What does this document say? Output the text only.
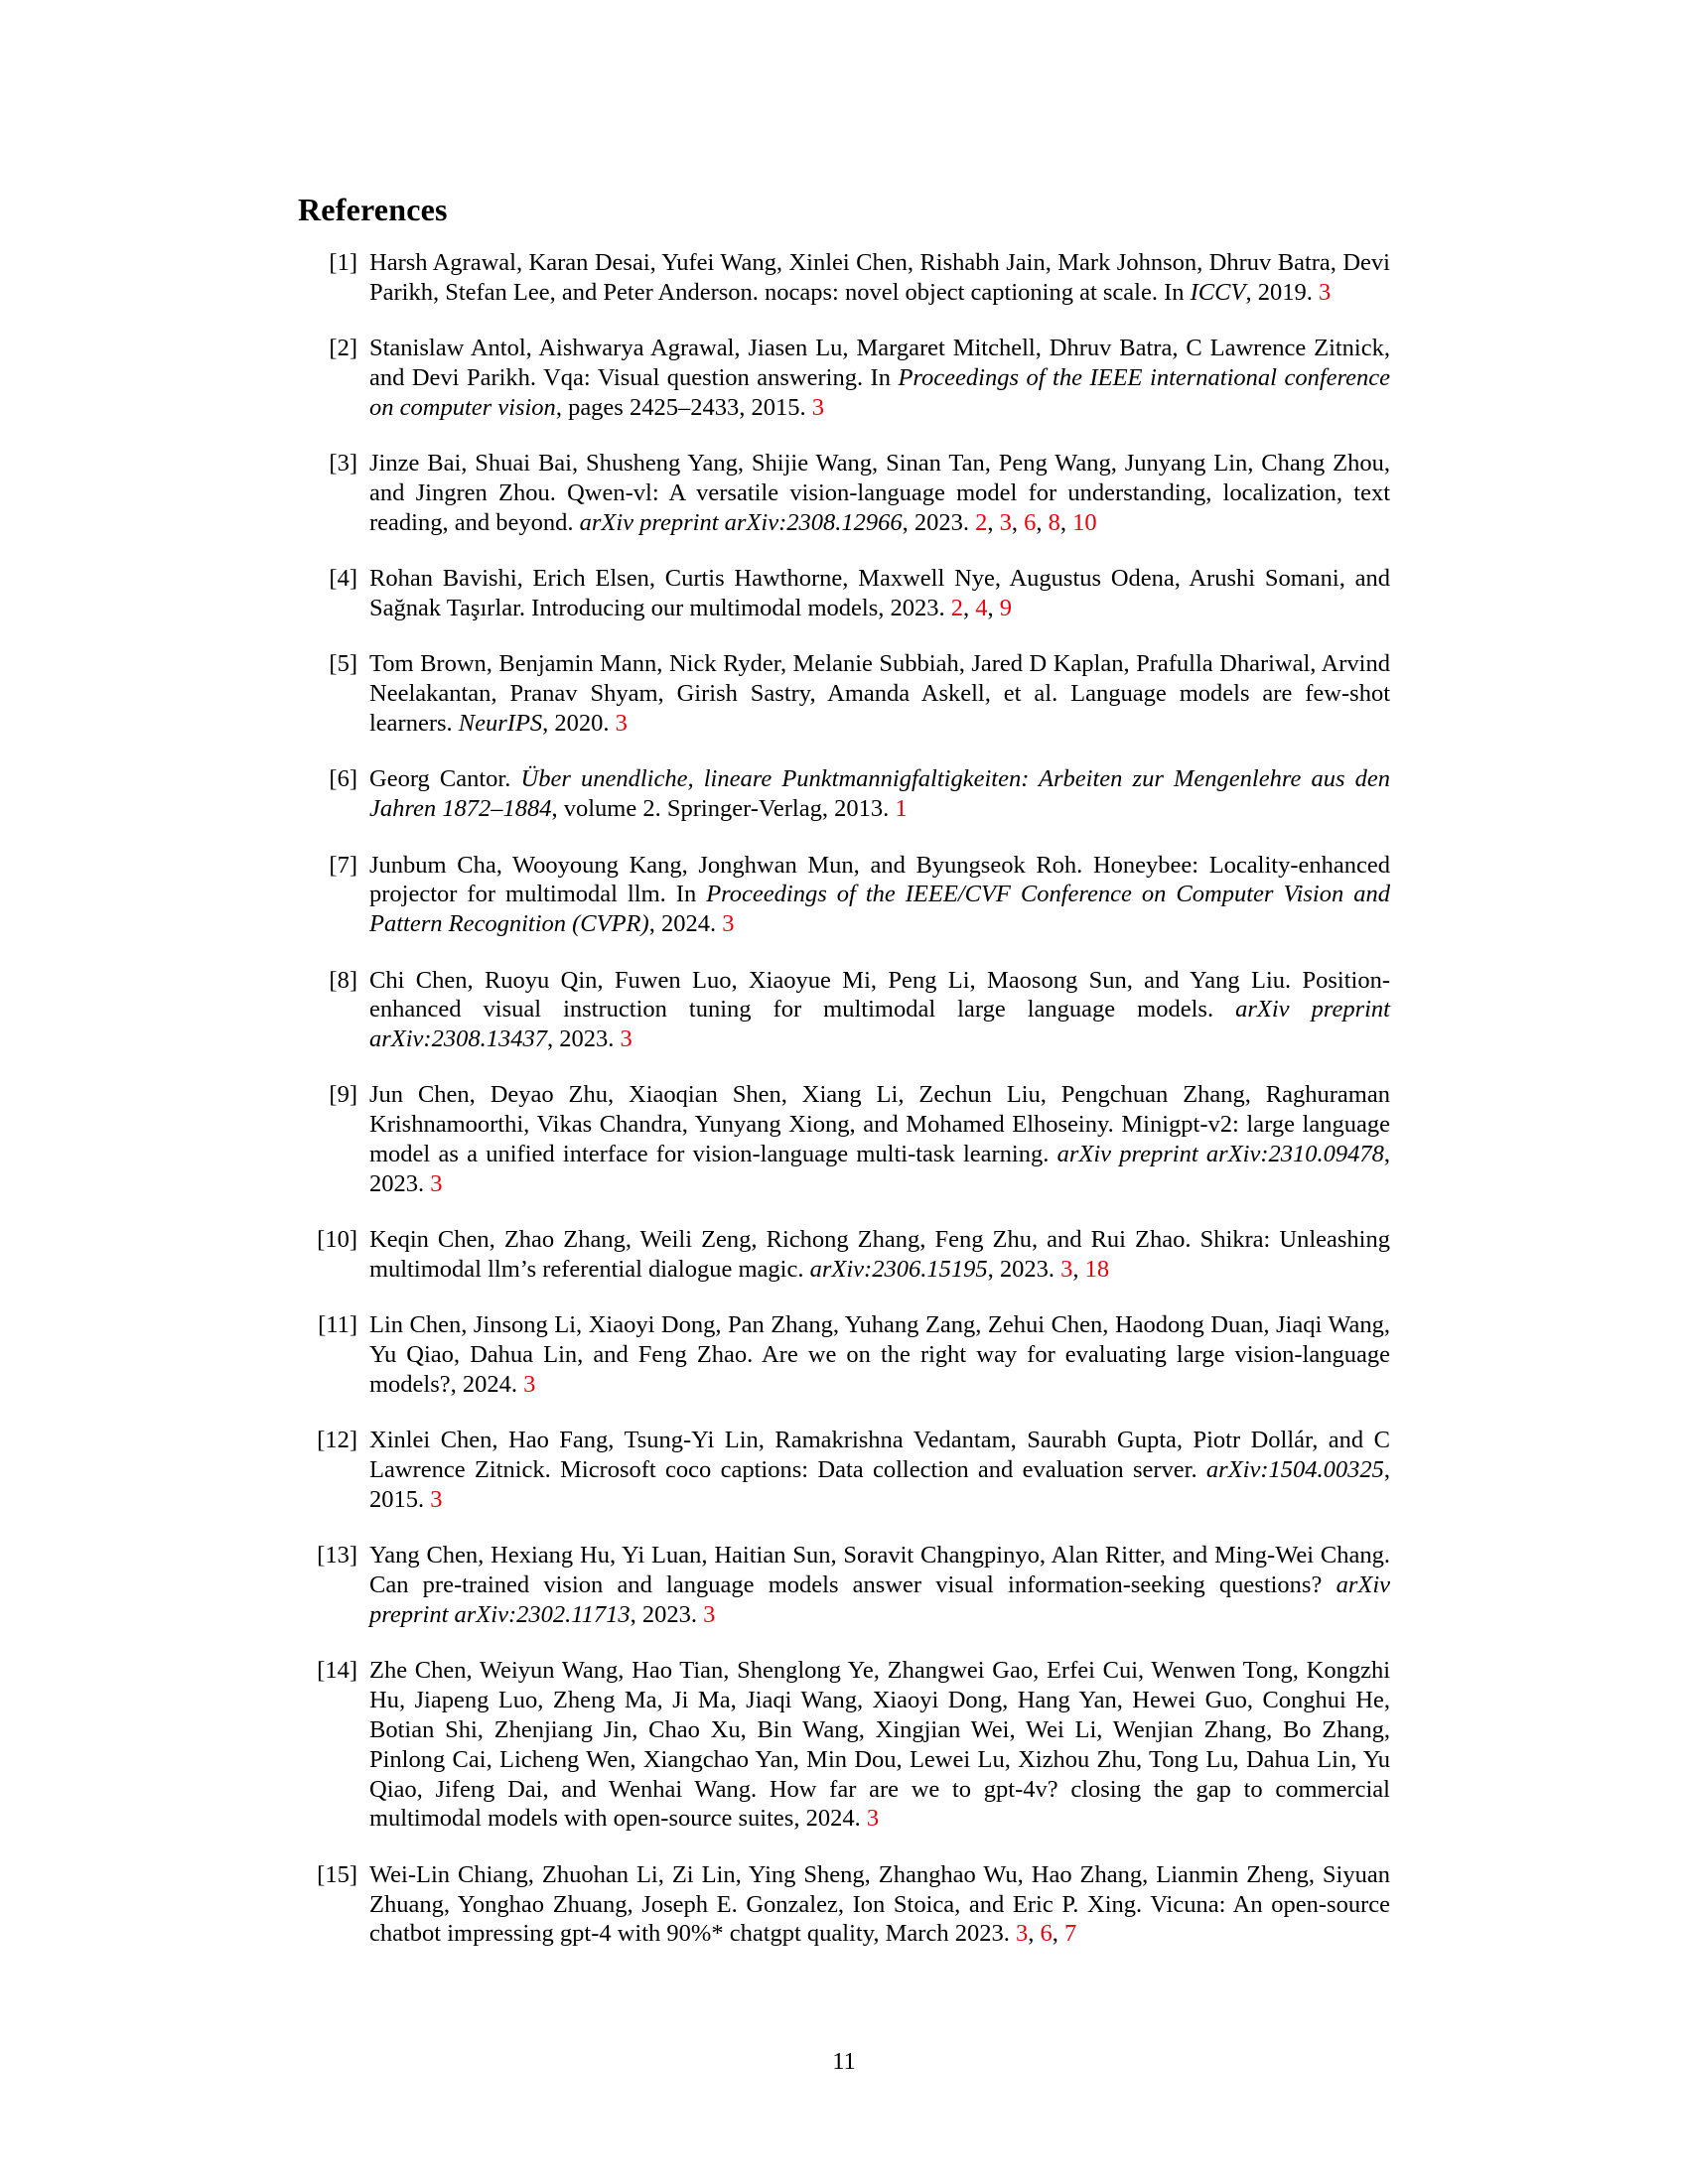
References
[1] Harsh Agrawal, Karan Desai, Yufei Wang, Xinlei Chen, Rishabh Jain, Mark Johnson, Dhruv Batra, Devi Parikh, Stefan Lee, and Peter Anderson. nocaps: novel object captioning at scale. In ICCV, 2019. 3
[2] Stanislaw Antol, Aishwarya Agrawal, Jiasen Lu, Margaret Mitchell, Dhruv Batra, C Lawrence Zitnick, and Devi Parikh. Vqa: Visual question answering. In Proceedings of the IEEE international conference on computer vision, pages 2425–2433, 2015. 3
[3] Jinze Bai, Shuai Bai, Shusheng Yang, Shijie Wang, Sinan Tan, Peng Wang, Junyang Lin, Chang Zhou, and Jingren Zhou. Qwen-vl: A versatile vision-language model for understanding, localization, text reading, and beyond. arXiv preprint arXiv:2308.12966, 2023. 2, 3, 6, 8, 10
[4] Rohan Bavishi, Erich Elsen, Curtis Hawthorne, Maxwell Nye, Augustus Odena, Arushi Somani, and Sağnak Taşırlar. Introducing our multimodal models, 2023. 2, 4, 9
[5] Tom Brown, Benjamin Mann, Nick Ryder, Melanie Subbiah, Jared D Kaplan, Prafulla Dhariwal, Arvind Neelakantan, Pranav Shyam, Girish Sastry, Amanda Askell, et al. Language models are few-shot learners. NeurIPS, 2020. 3
[6] Georg Cantor. Über unendliche, lineare Punktmannigfaltigkeiten: Arbeiten zur Mengenlehre aus den Jahren 1872–1884, volume 2. Springer-Verlag, 2013. 1
[7] Junbum Cha, Wooyoung Kang, Jonghwan Mun, and Byungseok Roh. Honeybee: Locality-enhanced projector for multimodal llm. In Proceedings of the IEEE/CVF Conference on Computer Vision and Pattern Recognition (CVPR), 2024. 3
[8] Chi Chen, Ruoyu Qin, Fuwen Luo, Xiaoyue Mi, Peng Li, Maosong Sun, and Yang Liu. Position-enhanced visual instruction tuning for multimodal large language models. arXiv preprint arXiv:2308.13437, 2023. 3
[9] Jun Chen, Deyao Zhu, Xiaoqian Shen, Xiang Li, Zechun Liu, Pengchuan Zhang, Raghuraman Krishnamoorthi, Vikas Chandra, Yunyang Xiong, and Mohamed Elhoseiny. Minigpt-v2: large language model as a unified interface for vision-language multi-task learning. arXiv preprint arXiv:2310.09478, 2023. 3
[10] Keqin Chen, Zhao Zhang, Weili Zeng, Richong Zhang, Feng Zhu, and Rui Zhao. Shikra: Unleashing multimodal llm’s referential dialogue magic. arXiv:2306.15195, 2023. 3, 18
[11] Lin Chen, Jinsong Li, Xiaoyi Dong, Pan Zhang, Yuhang Zang, Zehui Chen, Haodong Duan, Jiaqi Wang, Yu Qiao, Dahua Lin, and Feng Zhao. Are we on the right way for evaluating large vision-language models?, 2024. 3
[12] Xinlei Chen, Hao Fang, Tsung-Yi Lin, Ramakrishna Vedantam, Saurabh Gupta, Piotr Dollár, and C Lawrence Zitnick. Microsoft coco captions: Data collection and evaluation server. arXiv:1504.00325, 2015. 3
[13] Yang Chen, Hexiang Hu, Yi Luan, Haitian Sun, Soravit Changpinyo, Alan Ritter, and Ming-Wei Chang. Can pre-trained vision and language models answer visual information-seeking questions? arXiv preprint arXiv:2302.11713, 2023. 3
[14] Zhe Chen, Weiyun Wang, Hao Tian, Shenglong Ye, Zhangwei Gao, Erfei Cui, Wenwen Tong, Kongzhi Hu, Jiapeng Luo, Zheng Ma, Ji Ma, Jiaqi Wang, Xiaoyi Dong, Hang Yan, Hewei Guo, Conghui He, Botian Shi, Zhenjiang Jin, Chao Xu, Bin Wang, Xingjian Wei, Wei Li, Wenjian Zhang, Bo Zhang, Pinlong Cai, Licheng Wen, Xiangchao Yan, Min Dou, Lewei Lu, Xizhou Zhu, Tong Lu, Dahua Lin, Yu Qiao, Jifeng Dai, and Wenhai Wang. How far are we to gpt-4v? closing the gap to commercial multimodal models with open-source suites, 2024. 3
[15] Wei-Lin Chiang, Zhuohan Li, Zi Lin, Ying Sheng, Zhanghao Wu, Hao Zhang, Lianmin Zheng, Siyuan Zhuang, Yonghao Zhuang, Joseph E. Gonzalez, Ion Stoica, and Eric P. Xing. Vicuna: An open-source chatbot impressing gpt-4 with 90%* chatgpt quality, March 2023. 3, 6, 7
11
